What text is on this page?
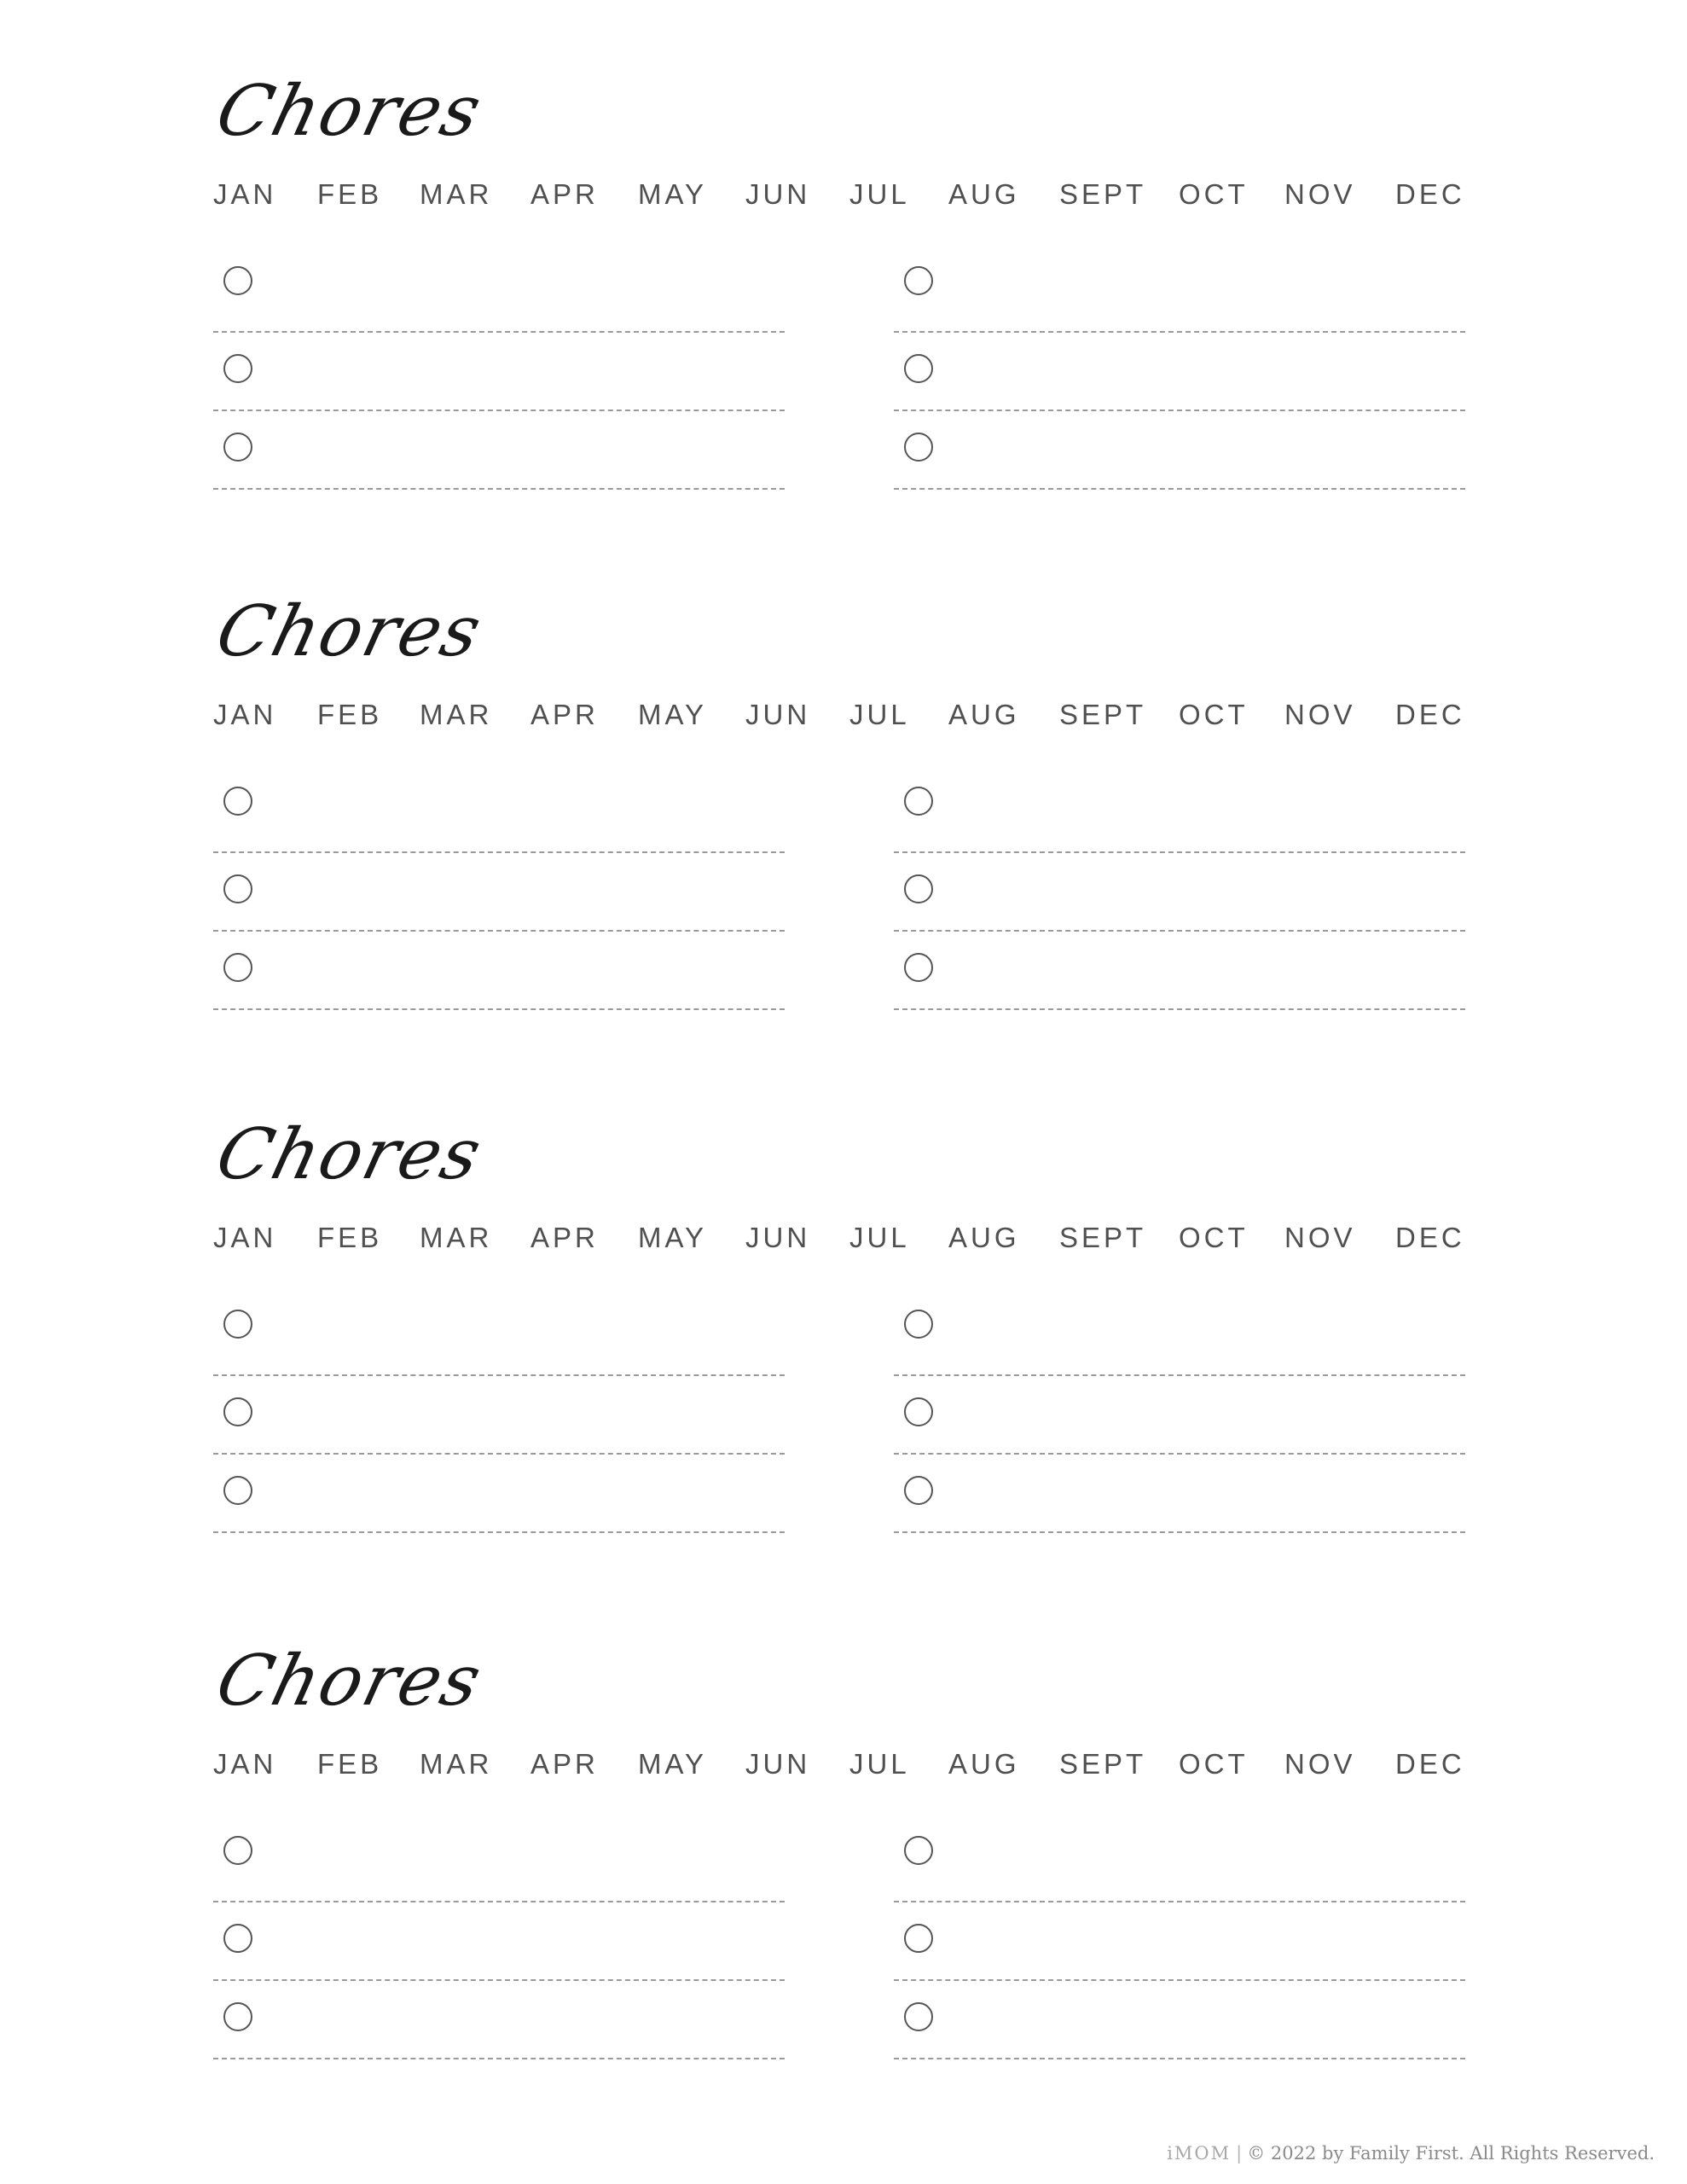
Chores
JAN FEB MAR APR MAY JUN JUL AUG SEPT OCT NOV DEC
Chores
JAN FEB MAR APR MAY JUN JUL AUG SEPT OCT NOV DEC
Chores
JAN FEB MAR APR MAY JUN JUL AUG SEPT OCT NOV DEC
Chores
JAN FEB MAR APR MAY JUN JUL AUG SEPT OCT NOV DEC
iMOM | © 2022 by Family First. All Rights Reserved.
